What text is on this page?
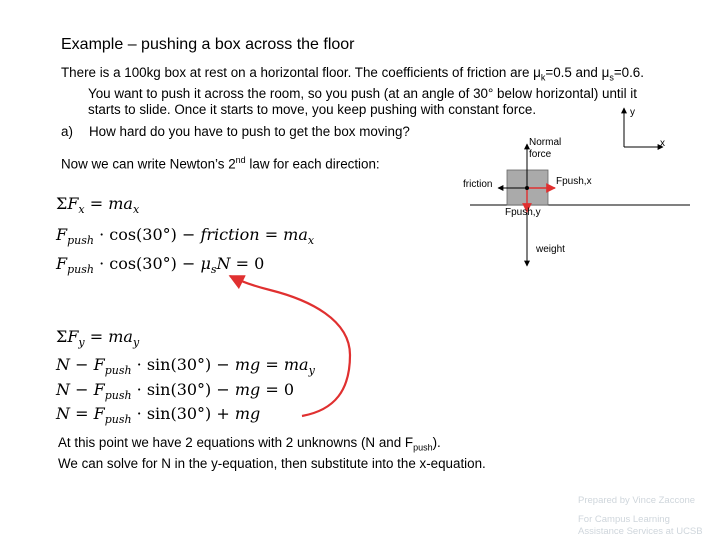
Example – pushing a box across the floor
There is a 100kg box at rest on a horizontal floor. The coefficients of friction are $\mu_k=0.5$ and $\mu_s=0.6$.
You want to push it across the room, so you push (at an angle of 30° below horizontal) until it
starts to slide. Once it starts to move, you keep pushing with constant force.
a) How hard do you have to push to get the box moving?
Now we can write Newton’s 2nd law for each direction:
$\Sigma F_x = ma_x$
$F_{push} \cdot \cos(30^\circ)$ − friction = $ma_x$
$F_{push} \cdot \cos(30^\circ) - \mu_sN = 0$
$\Sigma F_y = ma_y$
$N - F_{push} \cdot \sin(30^\circ)$ − mg = $ma_y$
$N - F_{push} \cdot \sin(30^\circ)$ − mg = 0
$N = F_{push} \cdot \sin(30^\circ)$ + mg
At this point we have 2 equations with 2 unknowns (N and $F_{push}$).
We can solve for N in the y-equation, then substitute into the x-equation.
y
x
Normal
force
friction	Fpush,x
Fpush,y
weight
Prepared by Vince Zaccone
For Campus Learning
Assistance Services at UCSB
